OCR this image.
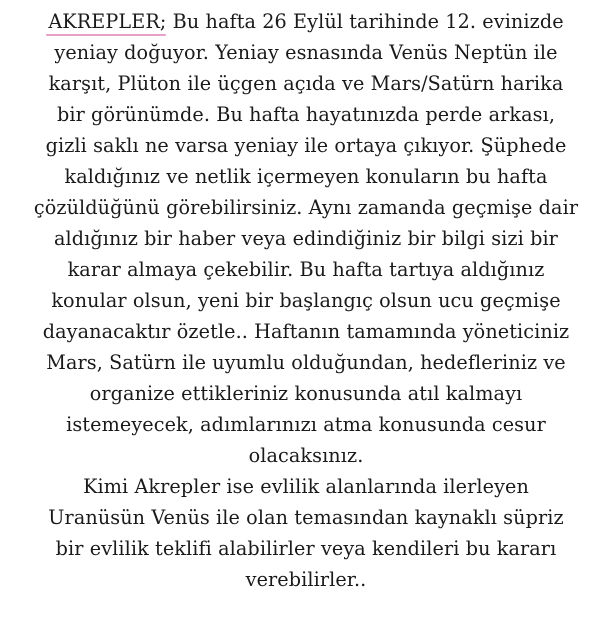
AKREPLER
; Bu hafta 26 Eylül tarihinde 12. evinizde
yeniay doğuyor. Yeniay esnasında Venüs Neptün ile
karşıt, Plüton ile üçgen açıda ve Mars/Satürn harika
bir görünümde. Bu hafta hayatınızda perde arkası,
gizli saklı ne varsa yeniay ile ortaya çıkıyor. Şüphede
kaldığınız ve netlik içermeyen konuların bu hafta
çözüldüğünü görebilirsiniz. Aynı zamanda geçmişe dair
aldığınız bir haber veya edindiğiniz bir bilgi sizi bir
karar almaya çekebilir. Bu hafta tartıya aldığınız
konular olsun, yeni bir başlangıç olsun ucu geçmişe
dayanacaktır özetle.. Haftanın tamamında yöneticiniz
Mars, Satürn ile uyumlu olduğundan, hedefleriniz ve
organize ettikleriniz konusunda atıl kalmayı
istemeyecek, adımlarınızı atma konusunda cesur
olacaksınız.
Kimi Akrepler ise evlilik alanlarında ilerleyen
Uranüsün Venüs ile olan temasından kaynaklı süpriz
bir evlilik teklifi alabilirler veya kendileri bu kararı
verebilirler..
